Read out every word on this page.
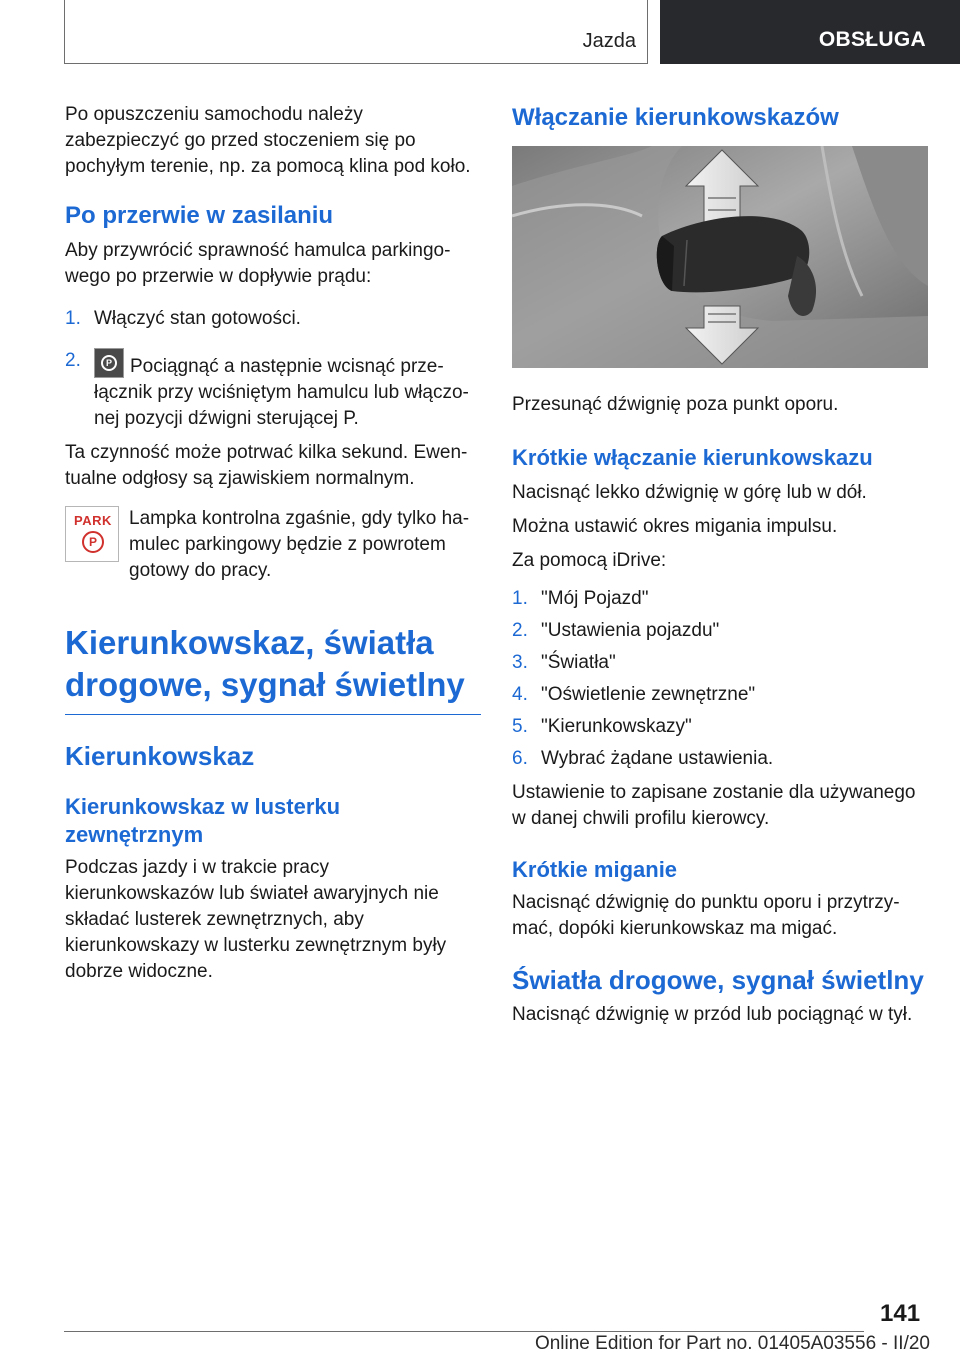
Jazda	OBSŁUGA

Po opuszczeniu samochodu należy zabezpieczyć go przed stoczeniem się po pochyłym terenie, np. za pomocą klina pod koło.

Po przerwie w zasilaniu

Aby przywrócić sprawność hamulca parkingowego po przerwie w dopływie prądu:

1. Włączyć stan gotowości.
2.	P Pociągnąć a następnie wcisnąć przełącznik przy wciśniętym hamulcu lub włączonej pozycji dźwigni sterującej P.

Ta czynność może potrwać kilka sekund. Ewentualne odgłosy są zjawiskiem normalnym.

PARK
P

Lampka kontrolna zgaśnie, gdy tylko hamulec parkingowy będzie z powrotem gotowy do pracy.

Kierunkowskaz, światła drogowe, sygnał świetlny
Kierunkowskaz
Kierunkowskaz w lusterku zewnętrznym

Podczas jazdy i w trakcie pracy kierunkowskazów lub świateł awaryjnych nie składać lusterek zewnętrznych, aby kierunkowskazy w lusterku zewnętrznym były dobrze widoczne.

Włączanie kierunkowskazów

Przesunąć dźwignię poza punkt oporu.

Krótkie włączanie kierunkowskazu

Nacisnąć lekko dźwignię w górę lub w dół.

Można ustawić okres migania impulsu.

Za pomocą iDrive:

1. "Mój Pojazd"
2. "Ustawienia pojazdu"
3. "Światła"
4. "Oświetlenie zewnętrzne"
5. "Kierunkowskazy"
6. Wybrać żądane ustawienia.

Ustawienie to zapisane zostanie dla używanego w danej chwili profilu kierowcy.

Krótkie miganie

Nacisnąć dźwignię do punktu oporu i przytrzymać, dopóki kierunkowskaz ma migać.

Światła drogowe, sygnał świetlny

Nacisnąć dźwignię w przód lub pociągnąć w tył.

141
Online Edition for Part no. 01405A03556 - II/20
